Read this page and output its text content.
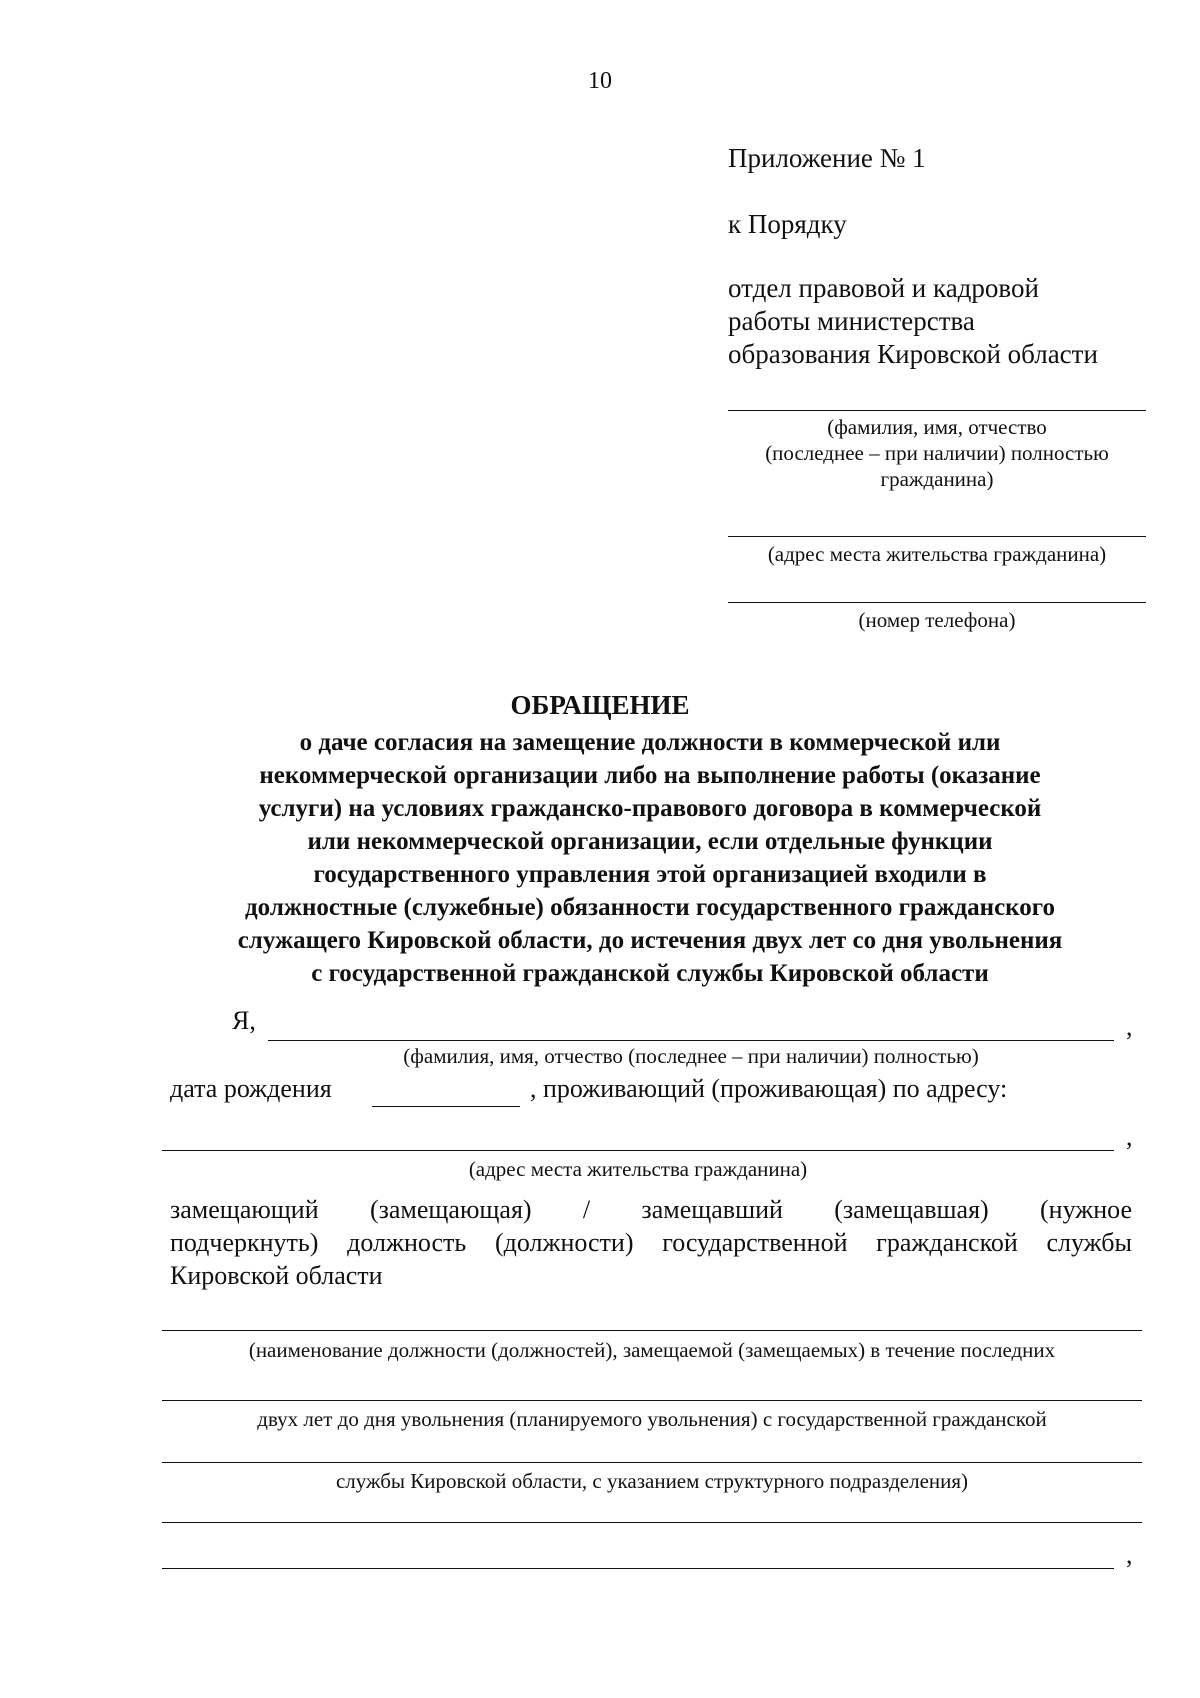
10
Приложение № 1
к Порядку
отдел правовой и кадровой
работы министерства
образования Кировской области
(фамилия, имя, отчество
(последнее – при наличии) полностью
гражданина)
(адрес места жительства гражданина)
(номер телефона)
ОБРАЩЕНИЕ
о даче согласия на замещение должности в коммерческой или
некоммерческой организации либо на выполнение работы (оказание
услуги) на условиях гражданско-правового договора в коммерческой
или некоммерческой организации, если отдельные функции
государственного управления этой организацией входили в
должностные (служебные) обязанности государственного гражданского
служащего Кировской области, до истечения двух лет со дня увольнения
с государственной гражданской службы Кировской области
Я,	,
(фамилия, имя, отчество (последнее – при наличии) полностью)
дата рождения	, проживающий (проживающая) по адресу:
,
(адрес места жительства гражданина)
замещающий (замещающая) / замещавший (замещавшая) (нужное
подчеркнуть) должность (должности) государственной гражданской службы
Кировской области
(наименование должности (должностей), замещаемой (замещаемых) в течение последних
двух лет до дня увольнения (планируемого увольнения) с государственной гражданской
службы Кировской области, с указанием структурного подразделения)
,
